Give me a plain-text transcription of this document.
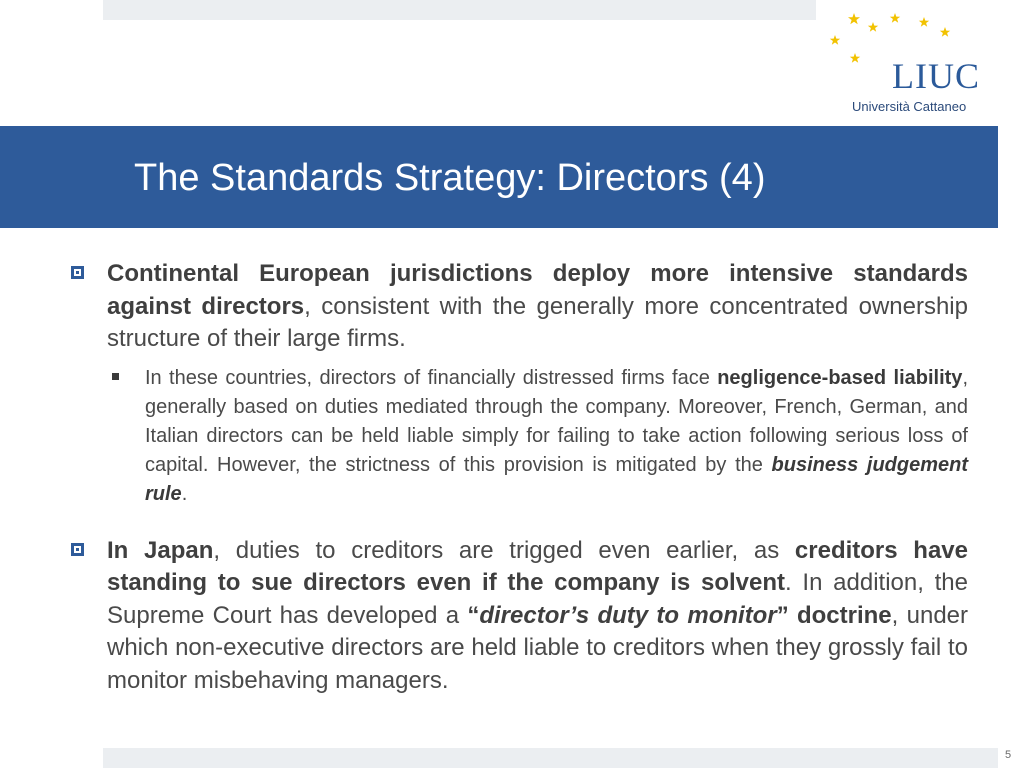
LIUC
Università Cattaneo
The Standards Strategy: Directors (4)

Continental European jurisdictions deploy more intensive standards against directors, consistent with the generally more concentrated ownership structure of their large firms.

In these countries, directors of financially distressed firms face negligence-based liability, generally based on duties mediated through the company. Moreover, French, German, and Italian directors can be held liable simply for failing to take action following serious loss of capital. However, the strictness of this provision is mitigated by the business judgement rule.

In Japan, duties to creditors are trigged even earlier, as creditors have standing to sue directors even if the company is solvent. In addition, the Supreme Court has developed a “director’s duty to monitor” doctrine, under which non-executive directors are held liable to creditors when they grossly fail to monitor misbehaving managers.

5
